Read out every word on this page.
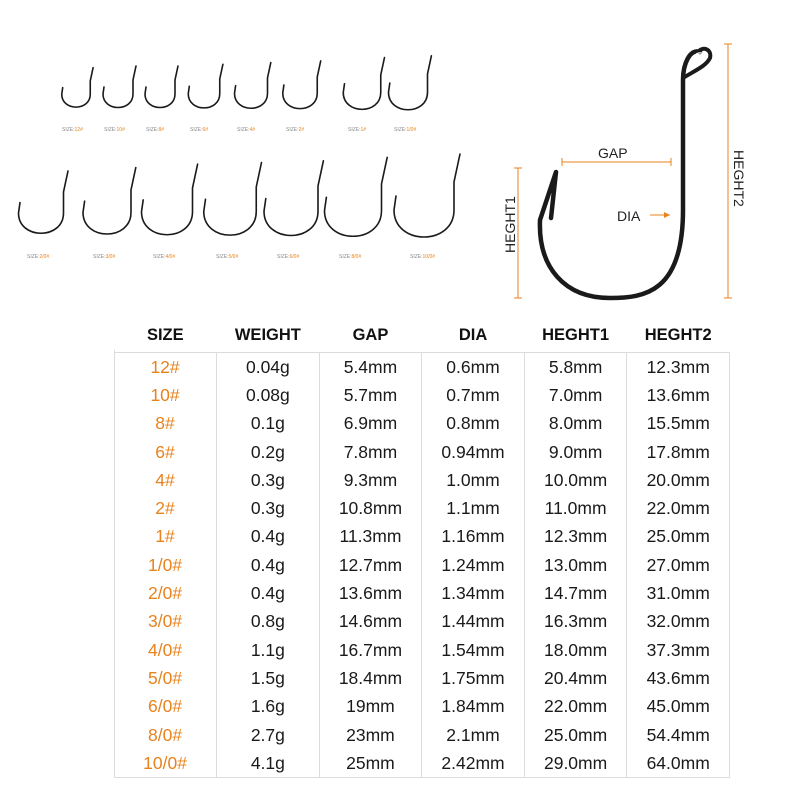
SIZE:12#	SIZE:10#	SIZE:8#	SIZE:6#	SIZE:4#	SIZE:2#	SIZE:1#	SIZE:1/0#
SIZE:2/0#	SIZE:3/0#	SIZE:4/0#	SIZE:5/0#	SIZE:6/0#	SIZE:8/0#	SIZE:10/0#
GAP
DIA
HEGHT1
HEGHT2
SIZE	WEIGHT	GAP	DIA	HEGHT1	HEGHT2
12#	0.04g	5.4mm	0.6mm	5.8mm	12.3mm
10#	0.08g	5.7mm	0.7mm	7.0mm	13.6mm
8#	0.1g	6.9mm	0.8mm	8.0mm	15.5mm
6#	0.2g	7.8mm	0.94mm	9.0mm	17.8mm
4#	0.3g	9.3mm	1.0mm	10.0mm	20.0mm
2#	0.3g	10.8mm	1.1mm	11.0mm	22.0mm
1#	0.4g	11.3mm	1.16mm	12.3mm	25.0mm
1/0#	0.4g	12.7mm	1.24mm	13.0mm	27.0mm
2/0#	0.4g	13.6mm	1.34mm	14.7mm	31.0mm
3/0#	0.8g	14.6mm	1.44mm	16.3mm	32.0mm
4/0#	1.1g	16.7mm	1.54mm	18.0mm	37.3mm
5/0#	1.5g	18.4mm	1.75mm	20.4mm	43.6mm
6/0#	1.6g	19mm	1.84mm	22.0mm	45.0mm
8/0#	2.7g	23mm	2.1mm	25.0mm	54.4mm
10/0#	4.1g	25mm	2.42mm	29.0mm	64.0mm
